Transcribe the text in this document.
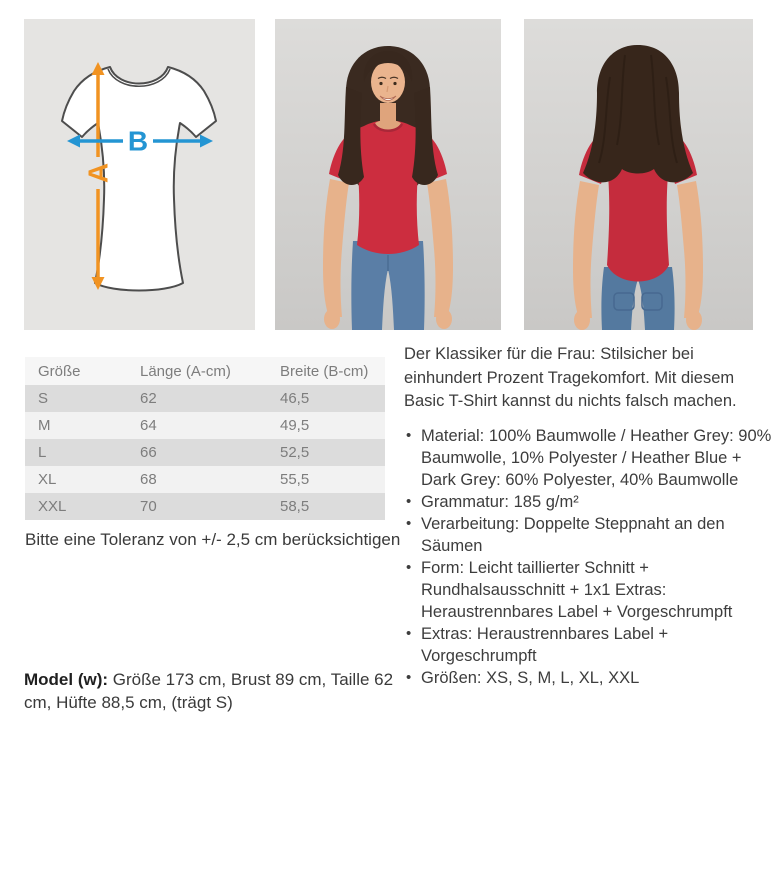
A
B
Größe	Länge (A-cm)	Breite (B-cm)
S	62	46,5
M	64	49,5
L	66	52,5
XL	68	55,5
XXL	70	58,5
Bitte eine Toleranz von +/- 2,5 cm berücksichtigen
Model (w): Größe 173 cm, Brust 89 cm, Taille 62 cm, Hüfte 88,5 cm, (trägt S)

Der Klassiker für die Frau: Stilsicher bei einhundert Prozent Tragekomfort. Mit diesem Basic T-Shirt kannst du nichts falsch machen.

• Material: 100% Baumwolle / Heather Grey: 90% Baumwolle, 10% Polyester / Heather Blue + Dark Grey: 60% Polyester, 40% Baumwolle
• Grammatur: 185 g/m²
• Verarbeitung: Doppelte Steppnaht an den Säumen
• Form: Leicht taillierter Schnitt + Rundhalsausschnitt + 1x1 Extras: Heraustrennbares Label + Vorgeschrumpft
• Extras: Heraustrennbares Label + Vorgeschrumpft
• Größen: XS, S, M, L, XL, XXL
